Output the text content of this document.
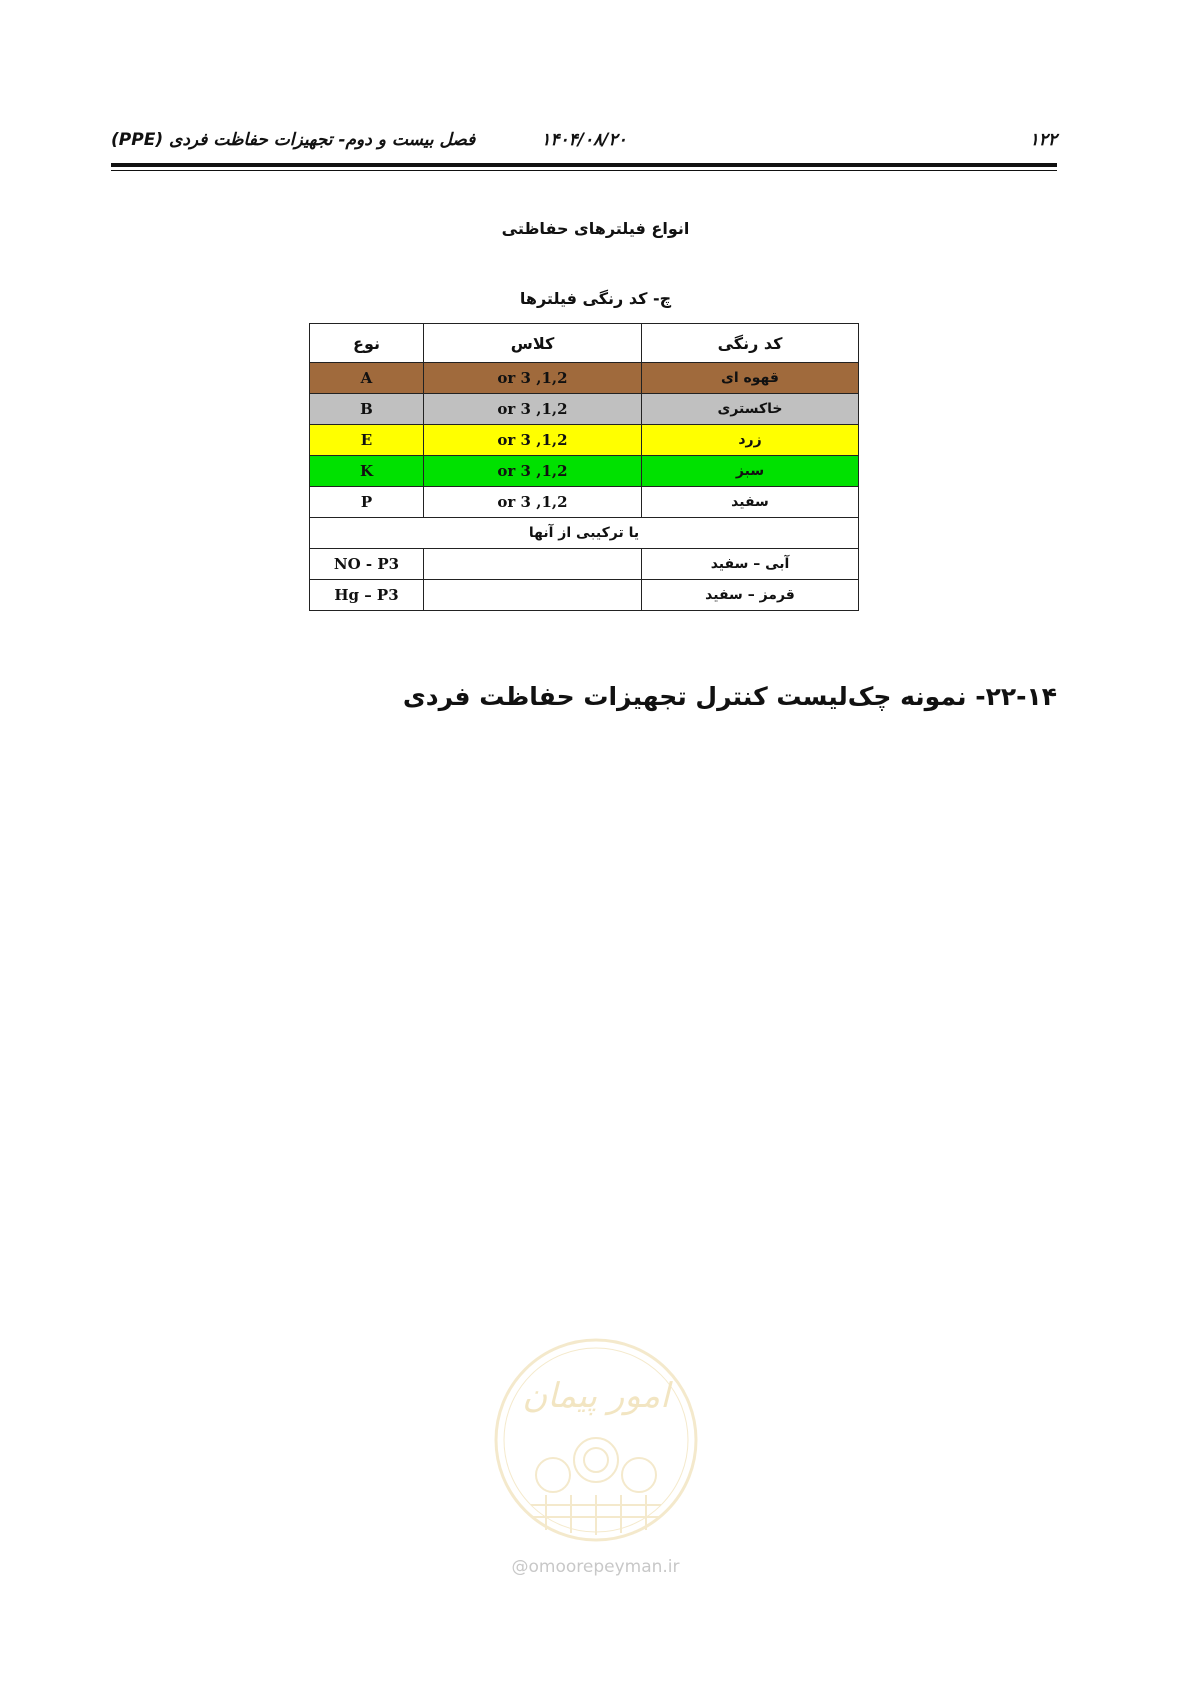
۱۲۲
۱۴۰۴/۰۸/۲۰
فصل بیست و دوم- تجهیزات حفاظت فردی (PPE)
انواع فیلترهای حفاظتی
چ- کد رنگی فیلترها
کد رنگی	کلاس	نوع
قهوه ای	1,2, or 3	A
خاکستری	1,2, or 3	B
زرد	1,2, or 3	E
سبز	1,2, or 3	K
سفید	1,2, or 3	P
یا ترکیبی از آنها		
آبی – سفید		NO - P3
قرمز – سفید		Hg – P3
۲۲-۱۴- نمونه چک‌لیست کنترل تجهیزات حفاظت فردی
امور پیمان
@omoorepeyman.ir
